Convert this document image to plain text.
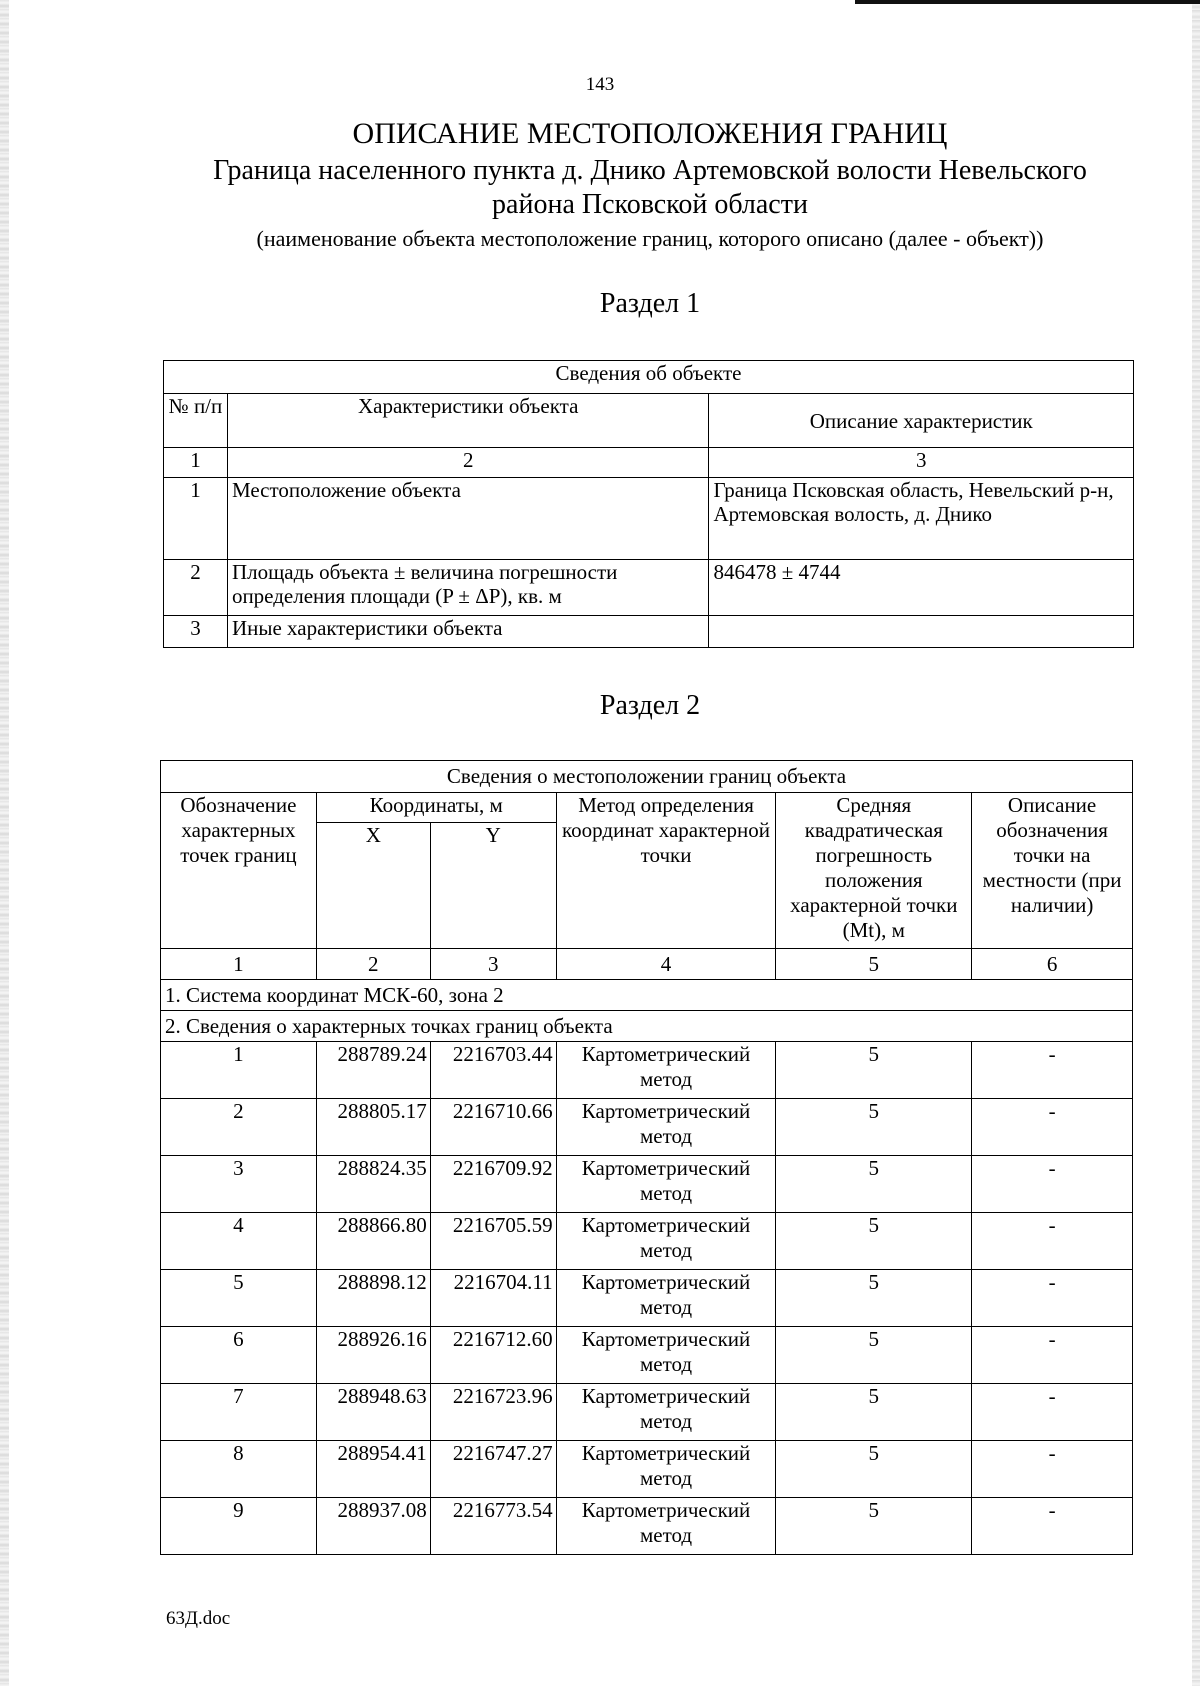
143
ОПИСАНИЕ МЕСТОПОЛОЖЕНИЯ ГРАНИЦ
Граница населенного пункта д. Днико Артемовской волости Невельского
района Псковской области
(наименование объекта местоположение границ, которого описано (далее - объект))
Раздел 1
Сведения об объекте		
№ п/п	Характеристики объекта	Описание характеристик
1	2	3
1	Местоположение объекта	Граница Псковская область, Невельский р-н, Артемовская волость, д. Днико
2	Площадь объекта ± величина погрешности определения площади (P ± ΔP), кв. м	846478 ± 4744
3	Иные характеристики объекта	
Раздел 2
Сведения о местоположении границ объекта					
Обозначение характерных точек границ	Координаты, м		Метод определения координат характерной точки	Средняя квадратическая погрешность положения характерной точки (Mt), м	Описание обозначения точки на местности (при наличии)
	X	Y			
1	2	3	4	5	6
1. Система координат МСК-60, зона 2					
2. Сведения о характерных точках границ объекта					
1	288789.24	2216703.44	Картометрический метод	5	-
2	288805.17	2216710.66	Картометрический метод	5	-
3	288824.35	2216709.92	Картометрический метод	5	-
4	288866.80	2216705.59	Картометрический метод	5	-
5	288898.12	2216704.11	Картометрический метод	5	-
6	288926.16	2216712.60	Картометрический метод	5	-
7	288948.63	2216723.96	Картометрический метод	5	-
8	288954.41	2216747.27	Картометрический метод	5	-
9	288937.08	2216773.54	Картометрический метод	5	-
63Д.doc
